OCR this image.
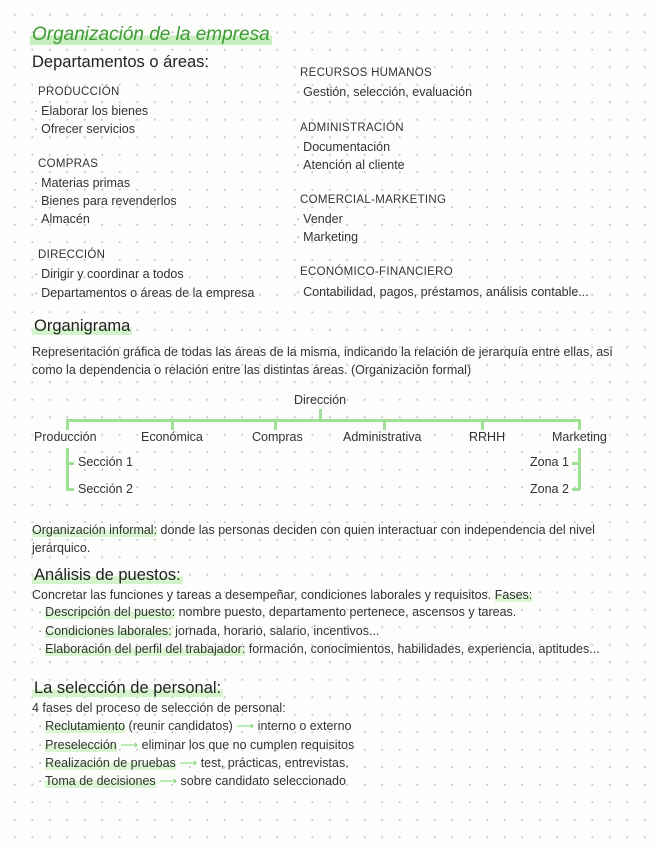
Organización de la empresa
Departamentos o áreas:
PRODUCCIÓN
· Elaborar los bienes
· Ofrecer servicios
COMPRAS
· Materias primas
· Bienes para revenderlos
· Almacén
DIRECCIÓN
· Dirigir y coordinar a todos
· Departamentos o áreas de la empresa
RECURSOS HUMANOS
· Gestión, selección, evaluación
ADMINISTRACIÓN
· Documentación
· Atención al cliente
COMERCIAL-MARKETING
· Vender
· Marketing
ECONÓMICO-FINANCIERO
· Contabilidad, pagos, préstamos, análisis contable...
Organigrama
Representación gráfica de todas las áreas de la misma, indicando la relación de jerarquía entre ellas, así como la dependencia o relación entre las distintas áreas. (Organización formal)
Dirección
Producción	Económica	Compras	Administrativa	RRHH	Marketing
Sección 1
Sección 2
Zona 1
Zona 2
Organización informal: donde las personas deciden con quien interactuar con independencia del nivel jerárquico.
Análisis de puestos:
Concretar las funciones y tareas a desempeñar, condiciones laborales y requisitos. Fases:
· Descripción del puesto: nombre puesto, departamento pertenece, ascensos y tareas.
· Condiciones laborales: jornada, horario, salario, incentivos...
· Elaboración del perfil del trabajador: formación, conocimientos, habilidades, experiencia, aptitudes...
La selección de personal:
4 fases del proceso de selección de personal:
· Reclutamiento (reunir candidatos) ⟶ interno o externo
· Preselección ⟶ eliminar los que no cumplen requisitos
· Realización de pruebas ⟶ test, prácticas, entrevistas.
· Toma de decisiones ⟶ sobre candidato seleccionado
